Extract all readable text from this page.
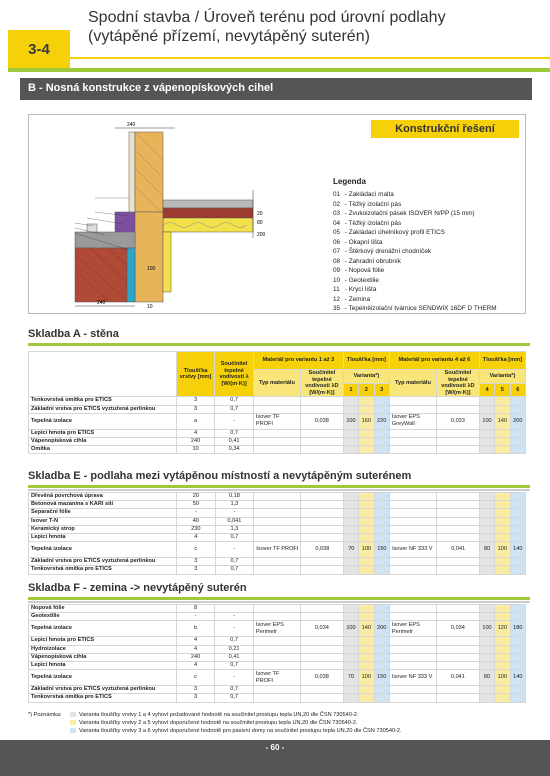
Spodní stavba / Úroveň terénu pod úrovní podlahy
(vytápěné přízemí, nevytápěný suterén)
3-4
B - Nosná konstrukce z vápenopískových cihel
Konstrukční řešení
240
20
80
200
240
100
10
Legenda
01 - Zakládací malta
02 - Těžký izolační pás
03 - Zvukoizolační pásek ISOVER N/PP (15 mm)
04 - Těžký izolační pás
05 - Zakládací úhelníkový profil ETICS
06 - Okapní lišta
07 - Štěrkový drenážní chodníček
08 - Zahradní obrubník
09 - Nopová fólie
10 - Geotextilie
11 - Krycí lišta
12 - Zemina
35 - Tepelněizolační tvárnice SENDWIX 16DF D THERM
Skladba A - stěna
	Tloušťka vrstvy [mm]	Součinitel tepelné vodivosti λ [W/(m·K)]	Materiál pro variantu 1 až 3		Tloušťka [mm]			Materiál pro variantu 4 až 6		Tloušťka [mm]		
			Typ materiálu	Součinitel tepelné vodivosti λD [W/(m·K)]	Varianta*)			Typ materiálu	Součinitel tepelné vodivosti λD [W/(m·K)]	Varianta*)		
					1	2	3			4	5	6
Tenkovrstvá omítka pro ETICS	3	0,7										
Základní vrstva pro ETICS vyztužená perlinkou	3	0,7										
Tepelná izolace	a	-	Isover TF PROFI	0,038	100	160	220	Isover EPS GreyWall	0,033	100	140	200
Lepicí hmota pro ETICS	4	0,7										
Vápenopísková cihla	240	0,41										
Omítka	10	0,34										
Skladba E - podlaha mezi vytápěnou místností a nevytápěným suterénem
Dřevěná povrchová úprava	20	0,18										
Betonová mazanina s KARI sítí	50	1,3										
Separační fólie	-	-										
Isover T-N	40	0,041										
Keramický strop	230	1,3										
Lepicí hmota	4	0,7										
Tepelná izolace	c	-	Isover TF PROFI	0,038	70	100	150	Isover NF 333 V	0,041	80	100	140
Základní vrstva pro ETICS vyztužená perlinkou	3	0,7										
Tenkovrstvá omítka pro ETICS	3	0,7										
Skladba F - zemina -> nevytápěný suterén
Nopová fólie	8											
Geotextilie	-	-										
Tepelná izolace	b	-	Isover EPS Perimetr	0,034	100	140	200	Isover EPS Perimetr	0,034	100	120	180
Lepicí hmota pro ETICS	4	0,7										
Hydroizolace	4	0,21										
Vápenopísková cihla	240	0,41										
Lepicí hmota	4	0,7										
Tepelná izolace	c	-	Isover TF PROFI	0,038	70	100	150	Isover NF 333 V	0,041	80	100	140
Základní vrstva pro ETICS vyztužená perlinkou	3	0,7										
Tenkovrstvá omítka pro ETICS	3	0,7										
*) Poznámka:	Varianta tloušťky vrstvy 1 a 4 vyhoví požadované hodnotě na součinitel prostupu tepla UN,20 dle ČSN 730540-2.
Varianta tloušťky vrstvy 2 a 5 vyhoví doporučené hodnotě na součinitel prostupu tepla UN,20 dle ČSN 730540-2.
Varianta tloušťky vrstvy 3 a 6 vyhoví doporučené hodnotě pro pasivní domy na součinitel prostupu tepla UN,20 dle ČSN 730540-2.
- 60 -
